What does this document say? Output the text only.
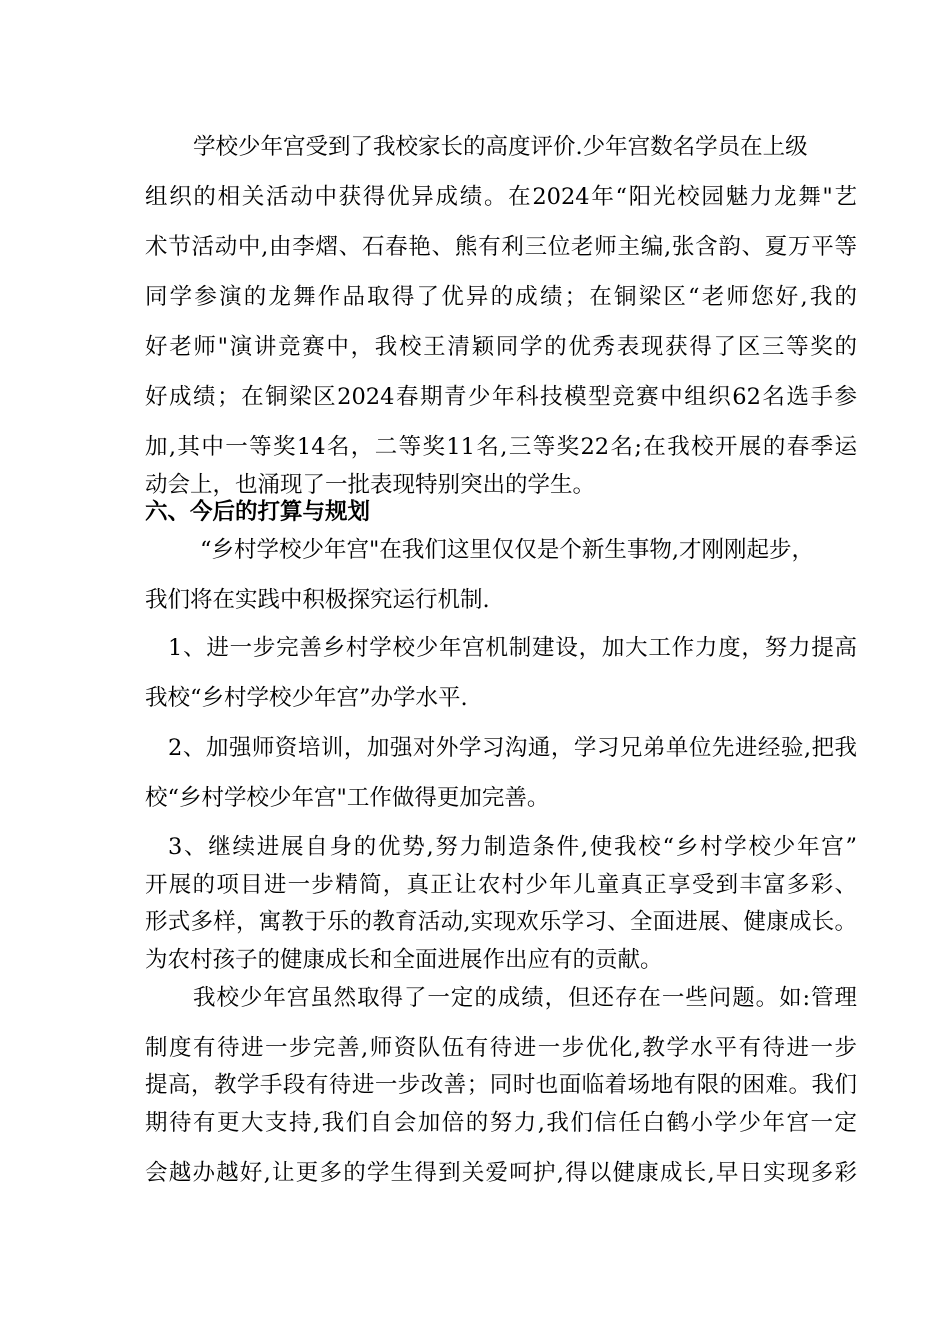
学校少年宫受到了我校家长的高度评价.少年宫数名学员在上级
组织的相关活动中获得优异成绩。在2024年“阳光校园魅力龙舞"艺
术节活动中,由李熠、石春艳、熊有利三位老师主编,张含韵、夏万平等
同学参演的龙舞作品取得了优异的成绩；在铜梁区“老师您好,我的
好老师"演讲竞赛中，我校王清颖同学的优秀表现获得了区三等奖的
好成绩；在铜梁区2024春期青少年科技模型竞赛中组织62名选手参
加,其中一等奖14名，二等奖11名,三等奖22名;在我校开展的春季运
动会上，也涌现了一批表现特别突出的学生。
六、今后的打算与规划
“乡村学校少年宫"在我们这里仅仅是个新生事物,才刚刚起步，
我们将在实践中积极探究运行机制.
1、进一步完善乡村学校少年宫机制建设，加大工作力度，努力提高
我校“乡村学校少年宫”办学水平.
2、加强师资培训，加强对外学习沟通，学习兄弟单位先进经验,把我
校“乡村学校少年宫"工作做得更加完善。
3、继续进展自身的优势,努力制造条件,使我校“乡村学校少年宫”
开展的项目进一步精简，真正让农村少年儿童真正享受到丰富多彩、
形式多样，寓教于乐的教育活动,实现欢乐学习、全面进展、健康成长。
为农村孩子的健康成长和全面进展作出应有的贡献。
我校少年宫虽然取得了一定的成绩，但还存在一些问题。如:管理
制度有待进一步完善,师资队伍有待进一步优化,教学水平有待进一步
提高，教学手段有待进一步改善；同时也面临着场地有限的困难。我们
期待有更大支持,我们自会加倍的努力,我们信任白鹤小学少年宫一定
会越办越好,让更多的学生得到关爱呵护,得以健康成长,早日实现多彩
